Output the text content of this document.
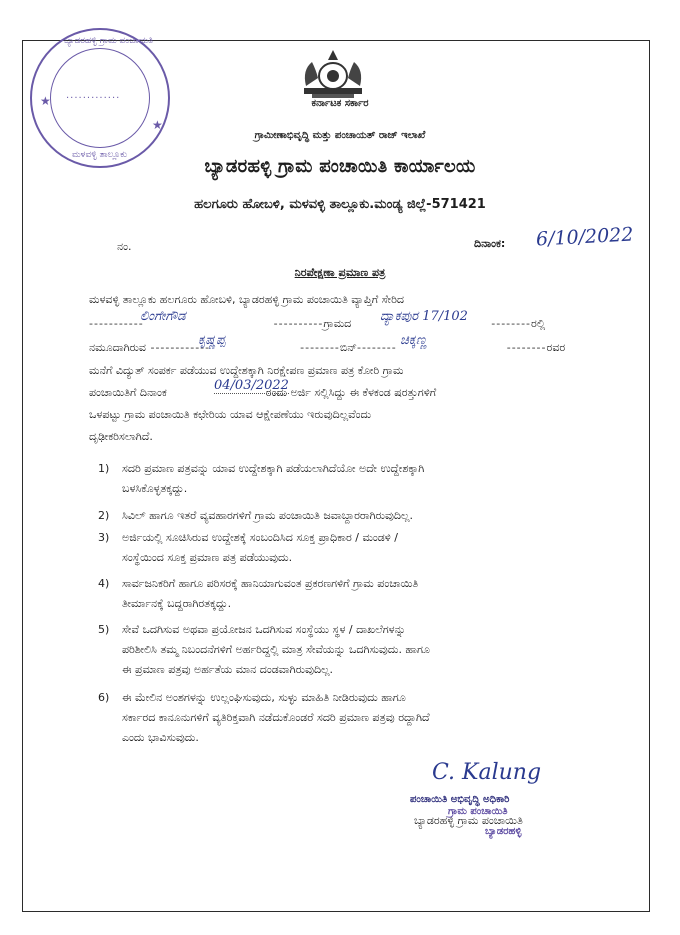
ಬ್ಯಾಡರಹಳ್ಳಿ ಗ್ರಾಮ ಪಂಚಾಯತಿ
ಮಳವಳ್ಳಿ ತಾಲ್ಲೂಕು
★
★
.............
ಕರ್ನಾಟಕ ಸರ್ಕಾರ
ಗ್ರಾಮೀಣಾಭಿವೃದ್ಧಿ ಮತ್ತು ಪಂಚಾಯತ್ ರಾಜ್ ಇಲಾಖೆ
ಬ್ಯಾಡರಹಳ್ಳಿ ಗ್ರಾಮ ಪಂಚಾಯಿತಿ ಕಾರ್ಯಾಲಯ
ಹಲಗೂರು ಹೋಬಳಿ, ಮಳವಳ್ಳಿ ತಾಲ್ಲೂಕು.ಮಂಡ್ಯ ಜಿಲ್ಲೆ-571421
ನಂ.	ದಿನಾಂಕ: 6/10/2022
ನಿರಪೇಕ್ಷಣಾ ಪ್ರಮಾಣ ಪತ್ರ
ಮಳವಳ್ಳಿ ತಾಲ್ಲೂಕು ಹಲಗೂರು ಹೋಬಳಿ, ಬ್ಯಾಡರಹಳ್ಳಿ ಗ್ರಾಮ ಪಂಚಾಯಿತಿ ವ್ಯಾಪ್ತಿಗೆ ಸೇರಿದ
-----------	----------ಗ್ರಾಮದ	--------ರಲ್ಲಿ
ಲಿಂಗೇಗೌಡ	ದ್ಯಾಕಪುರ 17/102
ನಮೂದಾಗಿರುವ ------------	--------ಬಿನ್--------	--------ರವರ
ಕೃಷ್ಣಪ್ಪ	ಚಿಕ್ಕಣ್ಣ
ಮನೆಗೆ ವಿದ್ಯುತ್ ಸಂಪರ್ಕ ಪಡೆಯುವ ಉದ್ದೇಶಕ್ಕಾಗಿ ನಿರಕ್ಷೇಪಣ ಪ್ರಮಾಣ ಪತ್ರ ಕೋರಿ ಗ್ರಾಮ
ಪಂಚಾಯಿತಿಗೆ ದಿನಾಂಕ	ರಂದು ಅರ್ಜಿ ಸಲ್ಲಿಸಿದ್ದು ಈ ಕೆಳಕಂಡ ಷರತ್ತುಗಳಿಗೆ
04/03/2022
ಒಳಪಟ್ಟು ಗ್ರಾಮ ಪಂಚಾಯಿತಿ ಕಛೇರಿಯ ಯಾವ ಆಕ್ಷೇಪಣೆಯು ಇರುವುದಿಲ್ಲವೆಂದು
ದೃಢೀಕರಿಸಲಾಗಿದೆ.
1) ಸದರಿ ಪ್ರಮಾಣ ಪತ್ರವನ್ನು ಯಾವ ಉದ್ದೇಶಕ್ಕಾಗಿ ಪಡೆಯಲಾಗಿದೆಯೋ ಅದೇ ಉದ್ದೇಶಕ್ಕಾಗಿ
ಬಳಸಿಕೊಳ್ಳತಕ್ಕದ್ದು.
2) ಸಿವಿಲ್ ಹಾಗೂ ಇತರೆ ವ್ಯವಹಾರಗಳಿಗೆ ಗ್ರಾಮ ಪಂಚಾಯಿತಿ ಜವಾಬ್ದಾರರಾಗಿರುವುದಿಲ್ಲ.
3) ಅರ್ಜಿಯಲ್ಲಿ ಸೂಚಿಸಿರುವ ಉದ್ದೇಶಕ್ಕೆ ಸಂಬಂದಿಸಿದ ಸೂಕ್ತ ಪ್ರಾಧಿಕಾರ / ಮಂಡಳಿ /
ಸಂಸ್ಥೆಯಿಂದ ಸೂಕ್ತ ಪ್ರಮಾಣ ಪತ್ರ ಪಡೆಯುವುದು.
4) ಸಾರ್ವಜನಿಕರಿಗೆ ಹಾಗೂ ಪರಿಸರಕ್ಕೆ ಹಾನಿಯಾಗುವಂತ ಪ್ರಕರಣಗಳಿಗೆ ಗ್ರಾಮ ಪಂಚಾಯಿತಿ
ತೀರ್ಮಾನಕ್ಕೆ ಬದ್ದರಾಗಿರತಕ್ಕದ್ದು.
5) ಸೇವೆ ಒದಗಿಸುವ ಅಥವಾ ಪ್ರಯೋಜನ ಒದಗಿಸುವ ಸಂಸ್ಥೆಯು ಸ್ಥಳ / ದಾಖಲೆಗಳನ್ನು
ಪರಿಶೀಲಿಸಿ ತಮ್ಮ ನಿಬಂದನೆಗಳಿಗೆ ಅರ್ಹರಿದ್ದಲ್ಲಿ ಮಾತ್ರ ಸೇವೆಯನ್ನು ಒದಗಿಸುವುದು. ಹಾಗೂ
ಈ ಪ್ರಮಾಣ ಪತ್ರವು ಅರ್ಹತೆಯ ಮಾನ ದಂಡವಾಗಿರುವುದಿಲ್ಲ.
6) ಈ ಮೇಲಿನ ಅಂಶಗಳನ್ನು ಉಲ್ಲಂಘಿಸುವುದು, ಸುಳ್ಳು ಮಾಹಿತಿ ನೀಡಿರುವುದು ಹಾಗೂ
ಸರ್ಕಾರದ ಕಾನೂನುಗಳಿಗೆ ವ್ಯತಿರಿಕ್ತವಾಗಿ ನಡೆದುಕೊಂಡರೆ ಸದರಿ ಪ್ರಮಾಣ ಪತ್ರವು ರದ್ದಾಗಿದೆ
ಎಂದು ಭಾವಿಸುವುದು.
C. Kalung
ಪಂಚಾಯಿತಿ ಅಭಿವೃದ್ಧಿ ಅಧಿಕಾರಿ
ಗ್ರಾಮ ಪಂಚಾಯಿತಿ
ಬ್ಯಾಡರಹಳ್ಳಿ ಗ್ರಾಮ ಪಂಚಾಯಿತಿ
ಬ್ಯಾಡರಹಳ್ಳಿ
